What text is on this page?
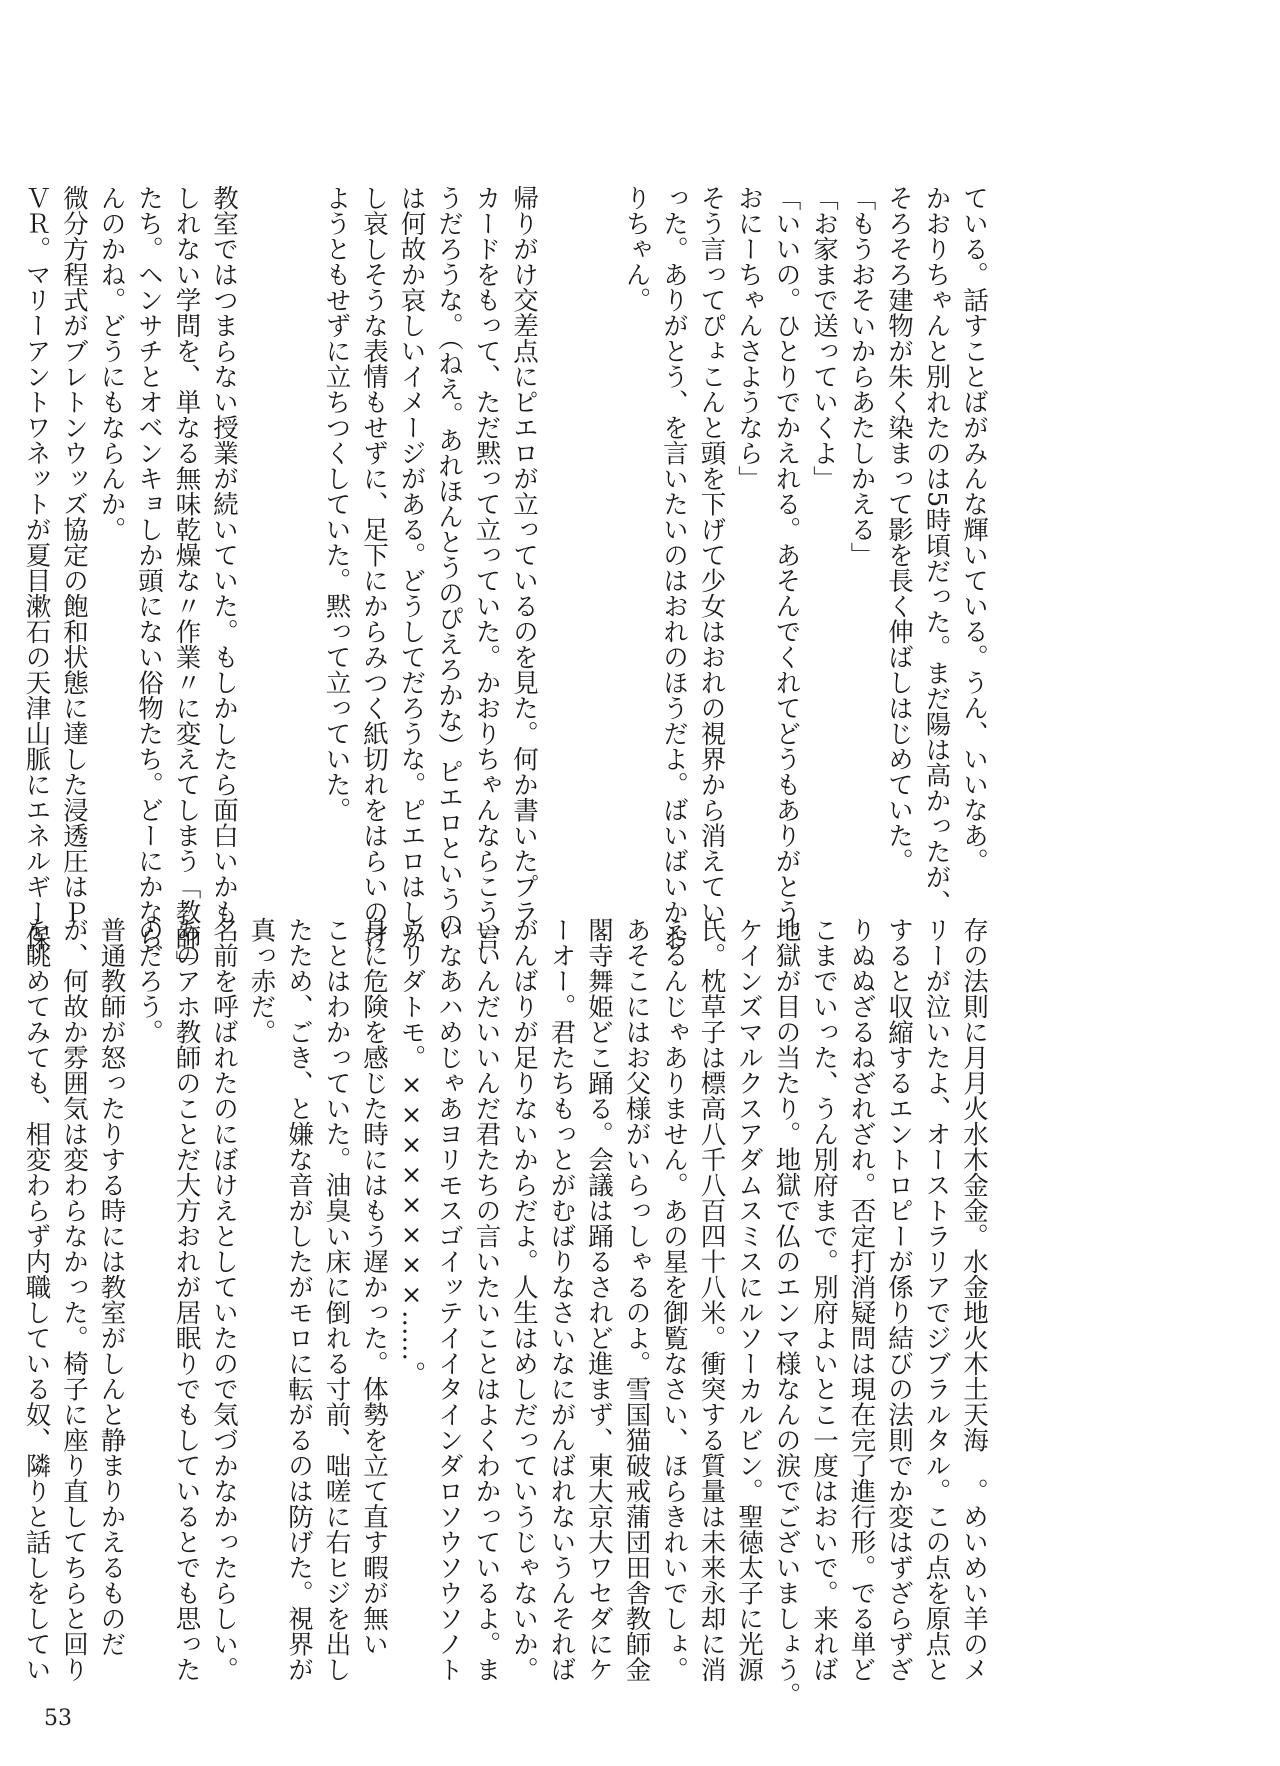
ている。話すことばがみんな輝いている。うん、いいなあ。
かおりちゃんと別れたのは5時頃だった。まだ陽は高かったが、
そろそろ建物が朱く染まって影を長く伸ばしはじめていた。
「もうおそいからあたしかえる」
「お家まで送っていくよ」
「いいの。ひとりでかえれる。あそんでくれてどうもありがとう。
おにーちゃんさようなら」
そう言ってぴょこんと頭を下げて少女はおれの視界から消えてい
った。ありがとう、を言いたいのはおれのほうだよ。ばいばいかお
りちゃん。

帰りがけ交差点にピエロが立っているのを見た。何か書いたプラ
カードをもって、ただ黙って立っていた。かおりちゃんならこう言
うだろうな。（ねえ。あれほんとうのぴえろかな）ピエロというの
は何故か哀しいイメージがある。どうしてだろうな。ピエロはしか
し哀しそうな表情もせずに、足下にからみつく紙切れをはらいのけ
ようともせずに立ちつくしていた。黙って立っていた。

教室ではつまらない授業が続いていた。もしかしたら面白いかも
しれない学問を、単なる無味乾燥な〃作業〃に変えてしまう「教師」
たち。ヘンサチとオベンキョしか頭にない俗物たち。どーにかなら
んのかね。どうにもならんか。
微分方程式がブレトンウッズ協定の飽和状態に達した浸透圧はＰ
ＶＲ。マリーアントワネットが夏目漱石の天津山脈にエネルギー保
存の法則に月月火水木金金。水金地火木土天海　。めいめい羊のメ
リーが泣いたよ、オーストラリアでジブラルタル。この点を原点と
すると収縮するエントロピーが係り結びの法則でか変はずざらずざ
りぬぬざるねざれざれ。否定打消疑問は現在完了進行形。でる単ど
こまでいった、うん別府まで。別府よいとこ一度はおいで。来れば
地獄が目の当たり。地獄で仏のエンマ様なんの涙でございましょう。
ケインズマルクスアダムスミスにルソーカルビン。聖徳太子に光源
氏。枕草子は標高八千八百四十八米。衝突する質量は未来永却に消
えるんじゃありません。あの星を御覧なさい、ほらきれいでしょ。
あそこにはお父様がいらっしゃるのよ。雪国猫破戒蒲団田舎教師金
閣寺舞姫どこ踊る。会議は踊るされど進まず、東大京大ワセダにケ
ーオー。君たちもっとがむばりなさいなにがんばれないうんそれば
がんばりが足りないからだよ。人生はめしだっていうじゃないか。
いいんだいいんだ君たちの言いたいことはよくわかっているよ。ま
いなあハめじゃあヨリモスゴイッテイイタインダロソウソウソノト
ウリダトモ。××××××××……。
身に危険を感じた時にはもう遅かった。体勢を立て直す暇が無い
ことはわかっていた。油臭い床に倒れる寸前、咄嗟に右ヒジを出し
たため、ごき、と嫌な音がしたがモロに転がるのは防げた。視界が
真っ赤だ。
名前を呼ばれたのにぼけえとしていたので気づかなかったらしい。
あのアホ教師のことだ大方おれが居眠りでもしているとでも思った
のだろう。
普通教師が怒ったりする時には教室がしんと静まりかえるものだ
が、何故か雰囲気は変わらなかった。椅子に座り直してちらと回り
を眺めてみても、相変わらず内職している奴、隣りと話しをしてい
53
